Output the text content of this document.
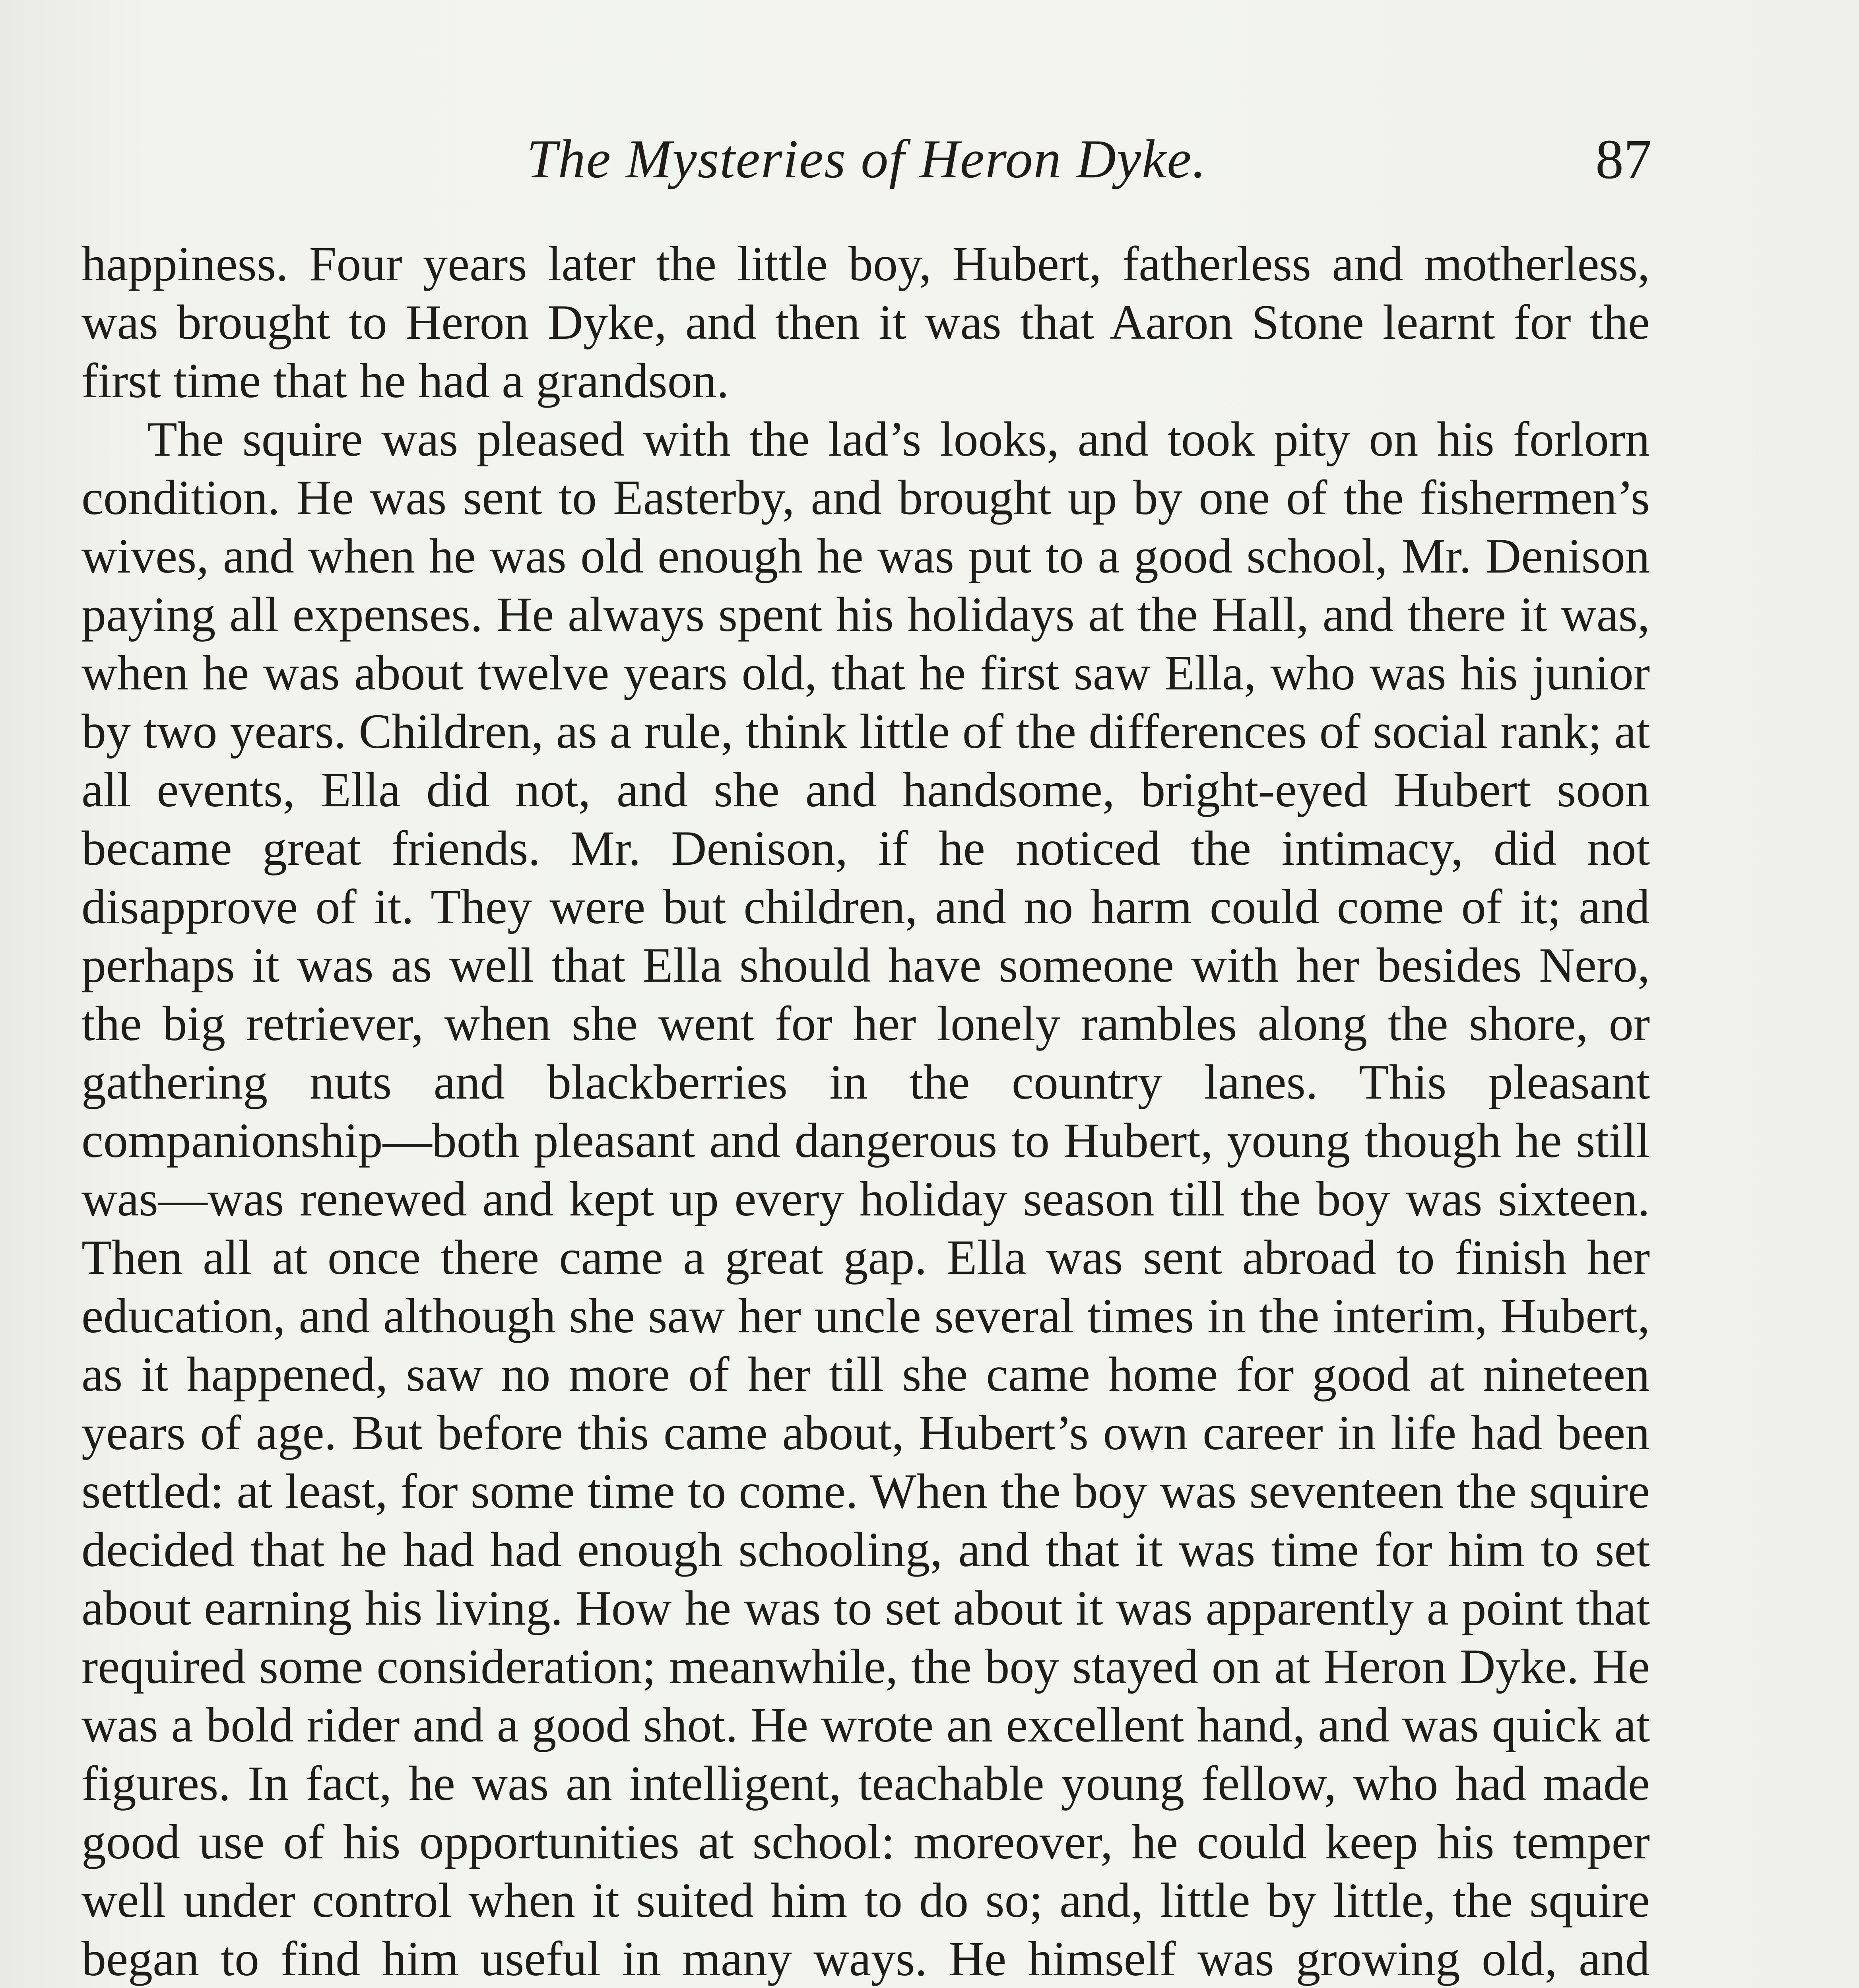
The Mysteries of Heron Dyke.	87

happiness. Four years later the little boy, Hubert, fatherless and motherless, was brought to Heron Dyke, and then it was that Aaron Stone learnt for the first time that he had a grandson.

The squire was pleased with the lad’s looks, and took pity on his forlorn condition. He was sent to Easterby, and brought up by one of the fishermen’s wives, and when he was old enough he was put to a good school, Mr. Denison paying all expenses. He always spent his holidays at the Hall, and there it was, when he was about twelve years old, that he first saw Ella, who was his junior by two years. Children, as a rule, think little of the differences of social rank; at all events, Ella did not, and she and handsome, bright-eyed Hubert soon became great friends. Mr. Denison, if he noticed the intimacy, did not disapprove of it. They were but children, and no harm could come of it; and perhaps it was as well that Ella should have someone with her besides Nero, the big retriever, when she went for her lonely rambles along the shore, or gathering nuts and blackberries in the country lanes. This pleasant companionship—both pleasant and dangerous to Hubert, young though he still was—was renewed and kept up every holiday season till the boy was sixteen. Then all at once there came a great gap. Ella was sent abroad to finish her education, and although she saw her uncle several times in the interim, Hubert, as it happened, saw no more of her till she came home for good at nineteen years of age. But before this came about, Hubert’s own career in life had been settled: at least, for some time to come. When the boy was seventeen the squire decided that he had had enough schooling, and that it was time for him to set about earning his living. How he was to set about it was apparently a point that required some consideration; meanwhile, the boy stayed on at Heron Dyke. He was a bold rider and a good shot. He wrote an excellent hand, and was quick at figures. In fact, he was an intelligent, teachable young fellow, who had made good use of his opportunities at school: moreover, he could keep his temper well under control when it suited him to do so; and, little by little, the squire began to find him useful in many ways. He himself was growing old, and
